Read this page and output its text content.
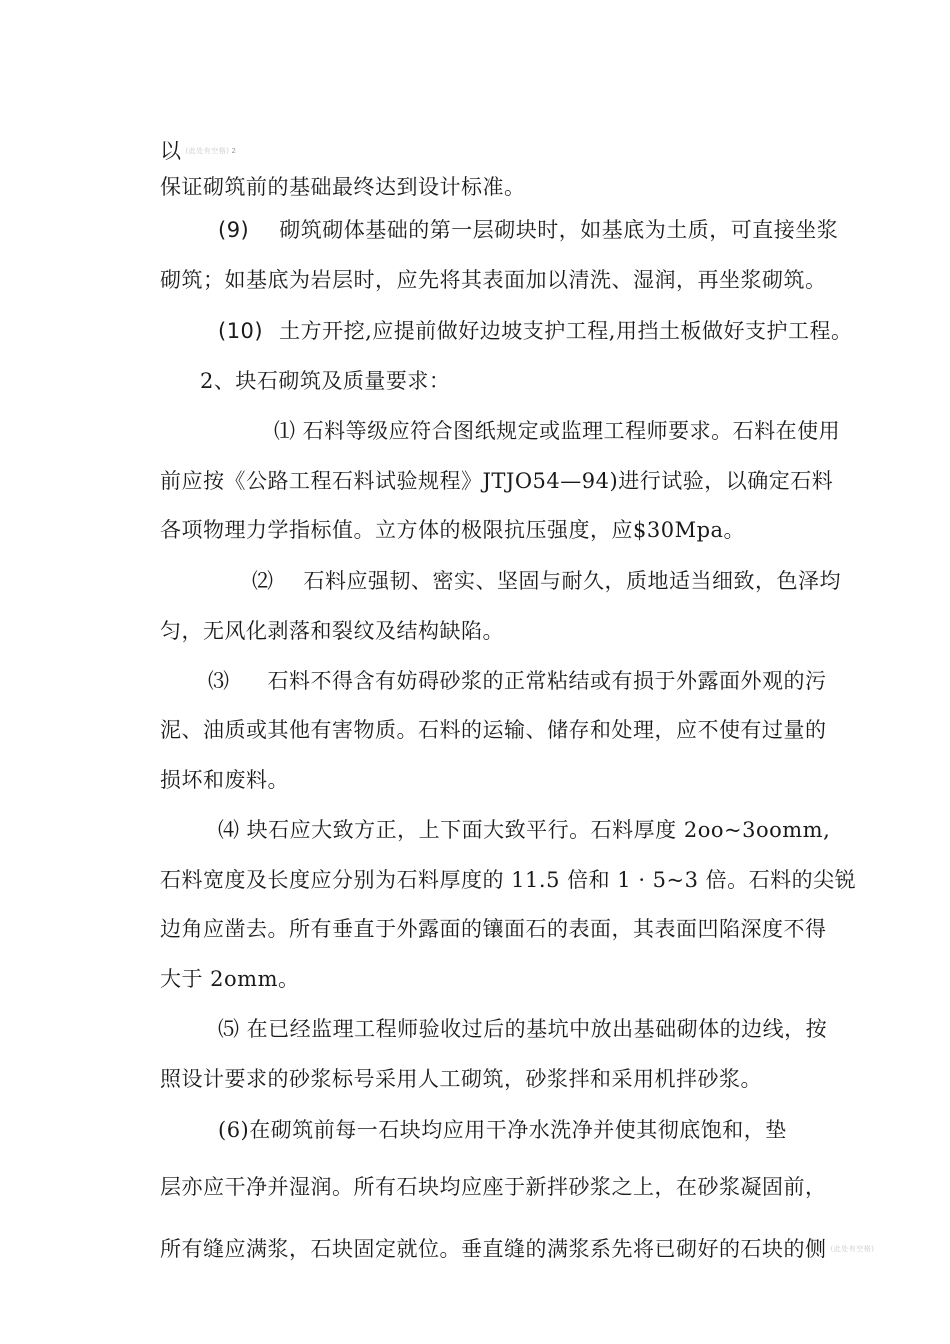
以 $^{(此处有空格)}$ $^2$
保证砌筑前的基础最终达到设计标准。
(9) 砌筑砌体基础的第一层砌块时，如基底为土质，可直接坐浆
砌筑；如基底为岩层时，应先将其表面加以清洗、湿润，再坐浆砌筑。
(10) 土方开挖,应提前做好边坡支护工程,用挡土板做好支护工程。
2、块石砌筑及质量要求：
⑴ 石料等级应符合图纸规定或监理工程师要求。石料在使用
前应按《公路工程石料试验规程》JTJO54—94)进行试验，以确定石料
各项物理力学指标值。立方体的极限抗压强度，应$30Mpa。
⑵ 石料应强韧、密实、坚固与耐久，质地适当细致，色泽均
匀，无风化剥落和裂纹及结构缺陷。
⑶ 石料不得含有妨碍砂浆的正常粘结或有损于外露面外观的污
泥、油质或其他有害物质。石料的运输、储存和处理，应不使有过量的
损坏和废料。
⑷ 块石应大致方正，上下面大致平行。石料厚度 2oo~3oomm,
石料宽度及长度应分别为石料厚度的 11.5 倍和 1 · 5~3 倍。石料的尖锐
边角应凿去。所有垂直于外露面的镶面石的表面，其表面凹陷深度不得
大于 2omm。
⑸ 在已经监理工程师验收过后的基坑中放出基础砌体的边线，按
照设计要求的砂浆标号采用人工砌筑，砂浆拌和采用机拌砂浆。
(6)在砌筑前每一石块均应用干净水洗净并使其彻底饱和，垫
层亦应干净并湿润。所有石块均应座于新拌砂浆之上，在砂浆凝固前，
所有缝应满浆，石块固定就位。垂直缝的满浆系先将已砌好的石块的侧 $^{(此处有空格)}$
